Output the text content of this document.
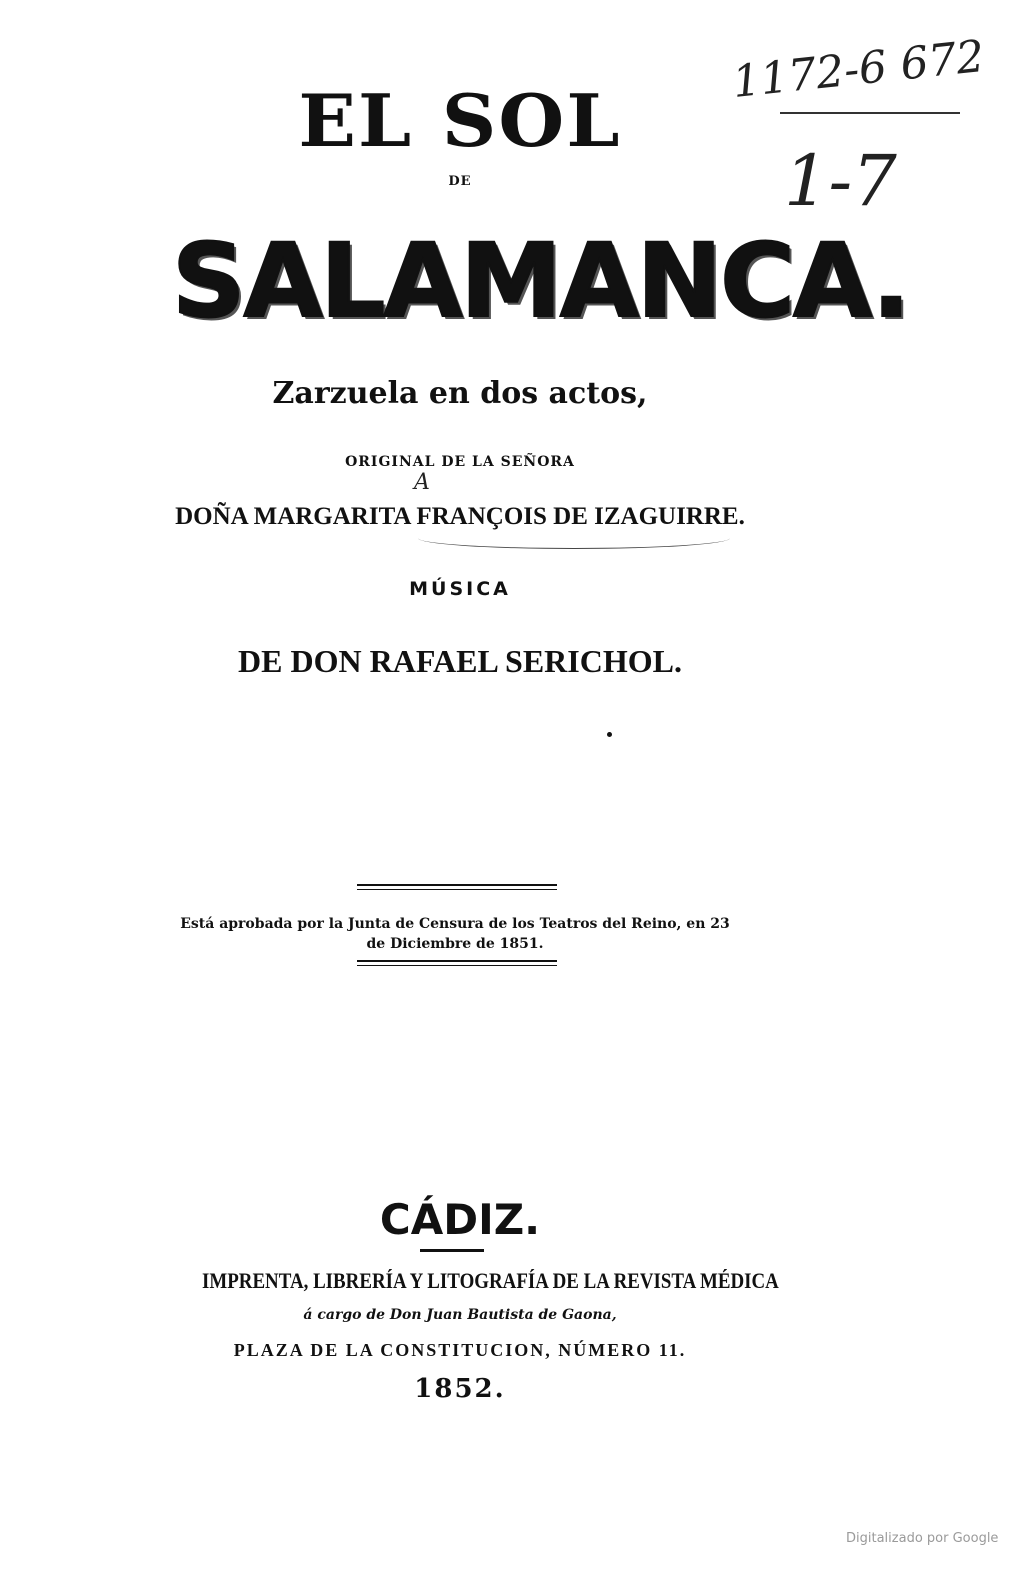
1172-6 672
1-7
EL SOL
DE
SALAMANCA.
Zarzuela en dos actos,
ORIGINAL DE LA SEÑORA
A
DOÑA MARGARITA FRANÇOIS DE IZAGUIRRE.
MÚSICA
DE DON RAFAEL SERICHOL.
Está aprobada por la Junta de Censura de los Teatros del Reino, en 23
de Diciembre de 1851.
CÁDIZ.
IMPRENTA, LIBRERÍA Y LITOGRAFÍA DE LA REVISTA MÉDICA
á cargo de Don Juan Bautista de Gaona,
PLAZA DE LA CONSTITUCION, NÚMERO 11.
1852.
Digitalizado por Google
